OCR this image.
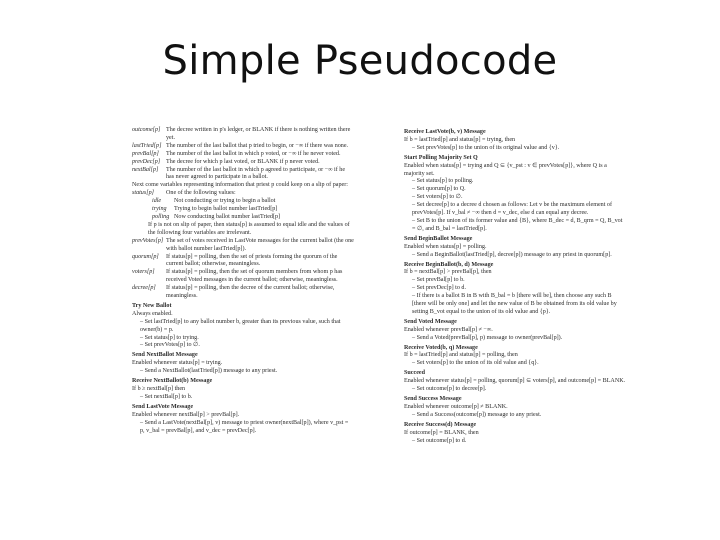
Simple Pseudocode
outcome[p] The decree written in p's ledger, or BLANK if there is nothing written there yet.
lastTried[p] The number of the last ballot that p tried to begin, or −∞ if there was none.
prevBal[p]	The number of the last ballot in which p voted, or −∞ if he never voted.
prevDec[p] The decree for which p last voted, or BLANK if p never voted.
nextBal[p]	The number of the last ballot in which p agreed to participate, or −∞ if he has never agreed to participate in a ballot.
Next come variables representing information that priest p could keep on a slip of paper:
status[p]	One of the following values:
idle	Not conducting or trying to begin a ballot
trying	Trying to begin ballot number lastTried[p]
polling Now conducting ballot number lastTried[p]
If p is not on slip of paper, then status[p] is assumed to equal idle and the values of the following four variables are irrelevant.
prevVotes[p] The set of votes received in LastVote messages for the current ballot (the one with ballot number lastTried[p]).
quorum[p]	If status[p] = polling, then the set of priests forming the quorum of the current ballot; otherwise, meaningless.
voters[p]	If status[p] = polling, then the set of quorum members from whom p has received Voted messages in the current ballot; otherwise, meaningless.
decree[p]	If status[p] = polling, then the decree of the current ballot; otherwise, meaningless.
Try New Ballot
Always enabled.
– Set lastTried[p] to any ballot number b, greater than its previous value, such that owner(b) = p.
– Set status[p] to trying.
– Set prevVotes[p] to ∅.
Send NextBallot Message
Enabled whenever status[p] = trying.
– Send a NextBallot(lastTried[p]) message to any priest.
Receive NextBallot(b) Message
If b ≥ nextBal[p] then
– Set nextBal[p] to b.
Send LastVote Message
Enabled whenever nextBal[p] > prevBal[p].
– Send a LastVote(nextBal[p], v) message to priest owner(nextBal[p]), where v_pst = p, v_bal = prevBal[p], and v_dec = prevDec[p].
Receive LastVote(b, v) Message
If b = lastTried[p] and status[p] = trying, then
– Set prevVotes[p] to the union of its original value and {v}.
Start Polling Majority Set Q
Enabled when status[p] = trying and Q ⊆ {v_pst : v ∈ prevVotes[p]}, where Q is a majority set.
– Set status[p] to polling.
– Set quorum[p] to Q.
– Set voters[p] to ∅.
– Set decree[p] to a decree d chosen as follows: Let v be the maximum element of prevVotes[p]. If v_bal ≠ −∞ then d = v_dec, else d can equal any decree.
– Set B to the union of its former value and {B}, where B_dec = d, B_qrm = Q, B_vot = ∅, and B_bal = lastTried[p].
Send BeginBallot Message
Enabled when status[p] = polling.
– Send a BeginBallot(lastTried[p], decree[p]) message to any priest in quorum[p].
Receive BeginBallot(b, d) Message
If b = nextBal[p] > prevBal[p], then
– Set prevBal[p] to b.
– Set prevDec[p] to d.
– If there is a ballot B in B with B_bal = b [there will be], then choose any such B [there will be only one] and let the new value of B be obtained from its old value by setting B_vot equal to the union of its old value and {p}.
Send Voted Message
Enabled whenever prevBal[p] ≠ −∞.
– Send a Voted(prevBal[p], p) message to owner(prevBal[p]).
Receive Voted(b, q) Message
If b = lastTried[p] and status[p] = polling, then
– Set voters[p] to the union of its old value and {q}.
Succeed
Enabled whenever status[p] = polling, quorum[p] ⊆ voters[p], and outcome[p] = BLANK.
– Set outcome[p] to decree[p].
Send Success Message
Enabled whenever outcome[p] ≠ BLANK.
– Send a Success(outcome[p]) message to any priest.
Receive Success(d) Message
If outcome[p] = BLANK, then
– Set outcome[p] to d.
